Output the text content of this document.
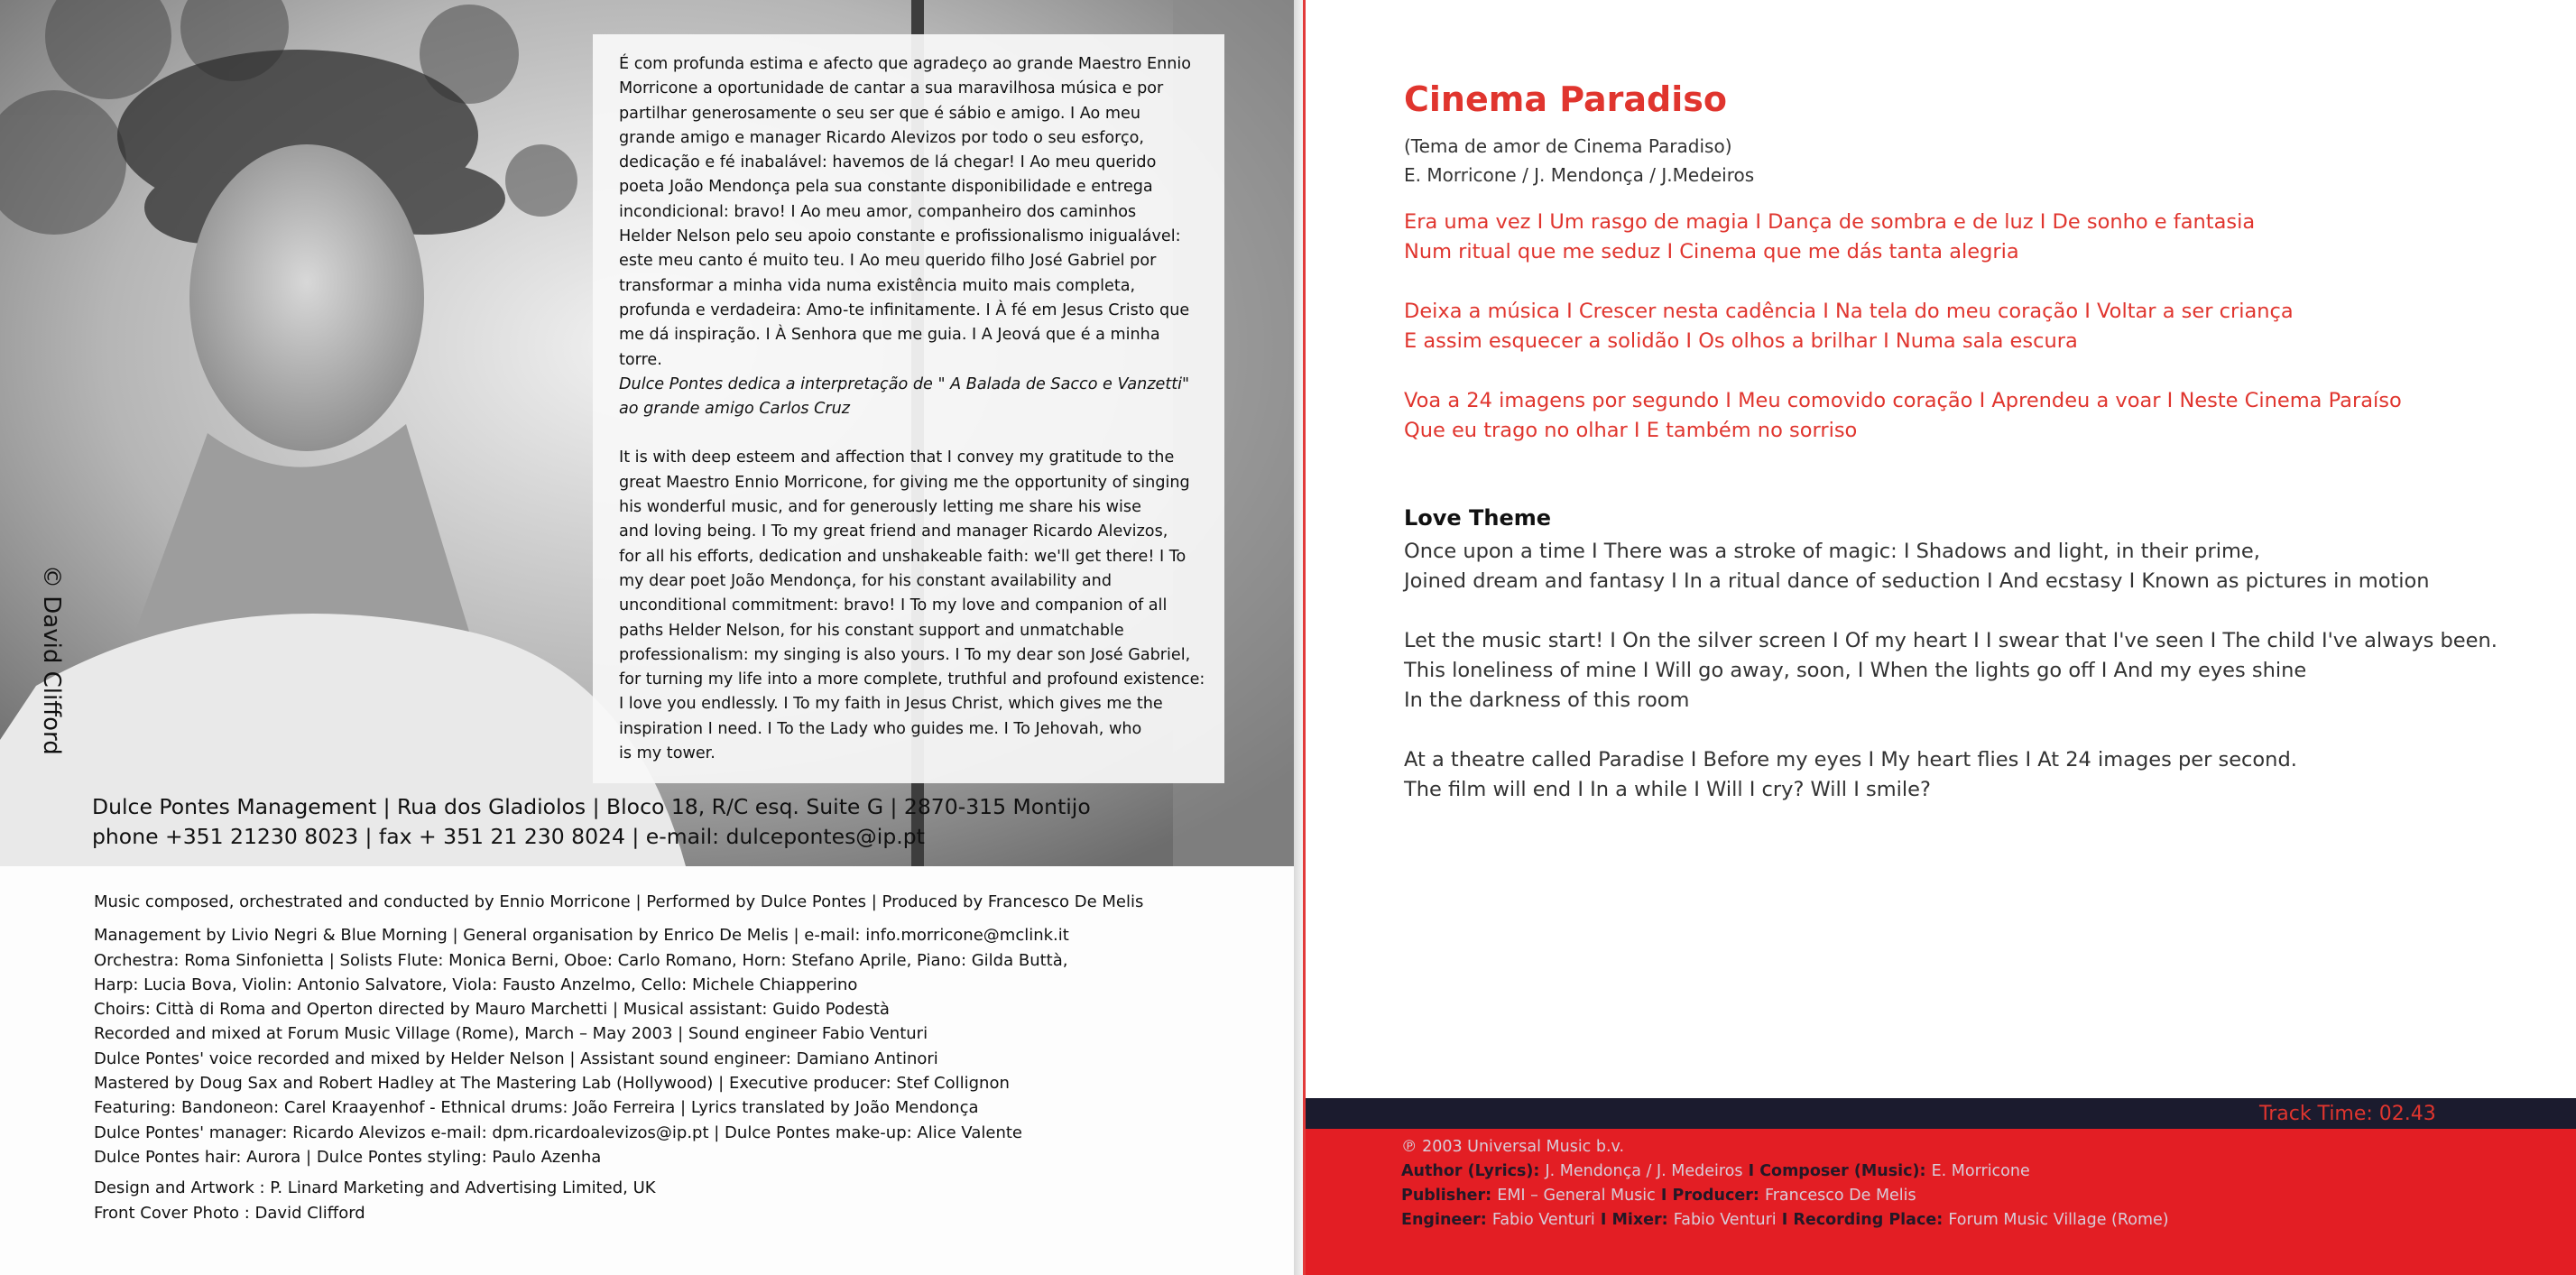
© David Clifford
É com profunda estima e afecto que agradeço ao grande Maestro Ennio
Morricone a oportunidade de cantar a sua maravilhosa música e por
partilhar generosamente o seu ser que é sábio e amigo. I Ao meu
grande amigo e manager Ricardo Alevizos por todo o seu esforço,
dedicação e fé inabalável: havemos de lá chegar! I Ao meu querido
poeta João Mendonça pela sua constante disponibilidade e entrega
incondicional: bravo! I Ao meu amor, companheiro dos caminhos
Helder Nelson pelo seu apoio constante e profissionalismo inigualável:
este meu canto é muito teu. I Ao meu querido filho José Gabriel por
transformar a minha vida numa existência muito mais completa,
profunda e verdadeira: Amo-te infinitamente. I À fé em Jesus Cristo que
me dá inspiração. I À Senhora que me guia. I A Jeová que é a minha
torre.
Dulce Pontes dedica a interpretação de " A Balada de Sacco e Vanzetti"
ao grande amigo Carlos Cruz
It is with deep esteem and affection that I convey my gratitude to the
great Maestro Ennio Morricone, for giving me the opportunity of singing
his wonderful music, and for generously letting me share his wise
and loving being. I To my great friend and manager Ricardo Alevizos,
for all his efforts, dedication and unshakeable faith: we'll get there! I To
my dear poet João Mendonça, for his constant availability and
unconditional commitment: bravo! I To my love and companion of all
paths Helder Nelson, for his constant support and unmatchable
professionalism: my singing is also yours. I To my dear son José Gabriel,
for turning my life into a more complete, truthful and profound existence:
I love you endlessly. I To my faith in Jesus Christ, which gives me the
inspiration I need. I To the Lady who guides me. I To Jehovah, who
is my tower.
Dulce Pontes Management | Rua dos Gladiolos | Bloco 18, R/C esq. Suite G | 2870-315 Montijo
phone +351 21230 8023 | fax + 351 21 230 8024 | e-mail: dulcepontes@ip.pt
Music composed, orchestrated and conducted by Ennio Morricone | Performed by Dulce Pontes | Produced by Francesco De Melis
Management by Livio Negri & Blue Morning | General organisation by Enrico De Melis | e-mail: info.morricone@mclink.it
Orchestra: Roma Sinfonietta | Solists Flute: Monica Berni, Oboe: Carlo Romano, Horn: Stefano Aprile, Piano: Gilda Buttà,
Harp: Lucia Bova, Violin: Antonio Salvatore, Viola: Fausto Anzelmo, Cello: Michele Chiapperino
Choirs: Città di Roma and Operton directed by Mauro Marchetti | Musical assistant: Guido Podestà
Recorded and mixed at Forum Music Village (Rome), March – May 2003 | Sound engineer Fabio Venturi
Dulce Pontes' voice recorded and mixed by Helder Nelson | Assistant sound engineer: Damiano Antinori
Mastered by Doug Sax and Robert Hadley at The Mastering Lab (Hollywood) | Executive producer: Stef Collignon
Featuring: Bandoneon: Carel Kraayenhof - Ethnical drums: João Ferreira | Lyrics translated by João Mendonça
Dulce Pontes' manager: Ricardo Alevizos e-mail: dpm.ricardoalevizos@ip.pt | Dulce Pontes make-up: Alice Valente
Dulce Pontes hair: Aurora | Dulce Pontes styling: Paulo Azenha
Design and Artwork : P. Linard Marketing and Advertising Limited, UK
Front Cover Photo : David Clifford
Cinema Paradiso
(Tema de amor de Cinema Paradiso)
E. Morricone / J. Mendonça / J.Medeiros
Era uma vez I Um rasgo de magia I Dança de sombra e de luz I De sonho e fantasia
Num ritual que me seduz I Cinema que me dás tanta alegria
Deixa a música I Crescer nesta cadência I Na tela do meu coração I Voltar a ser criança
E assim esquecer a solidão I Os olhos a brilhar I Numa sala escura
Voa a 24 imagens por segundo I Meu comovido coração I Aprendeu a voar I Neste Cinema Paraíso
Que eu trago no olhar I E também no sorriso
Love Theme
Once upon a time I There was a stroke of magic: I Shadows and light, in their prime,
Joined dream and fantasy I In a ritual dance of seduction I And ecstasy I Known as pictures in motion
Let the music start! I On the silver screen I Of my heart I I swear that I've seen I The child I've always been.
This loneliness of mine I Will go away, soon, I When the lights go off I And my eyes shine
In the darkness of this room
At a theatre called Paradise I Before my eyes I My heart flies I At 24 images per second.
The film will end I In a while I Will I cry? Will I smile?
Track Time: 02.43
℗ 2003 Universal Music b.v.
Author (Lyrics): J. Mendonça / J. Medeiros I Composer (Music): E. Morricone
Publisher: EMI – General Music I Producer: Francesco De Melis
Engineer: Fabio Venturi I Mixer: Fabio Venturi I Recording Place: Forum Music Village (Rome)
